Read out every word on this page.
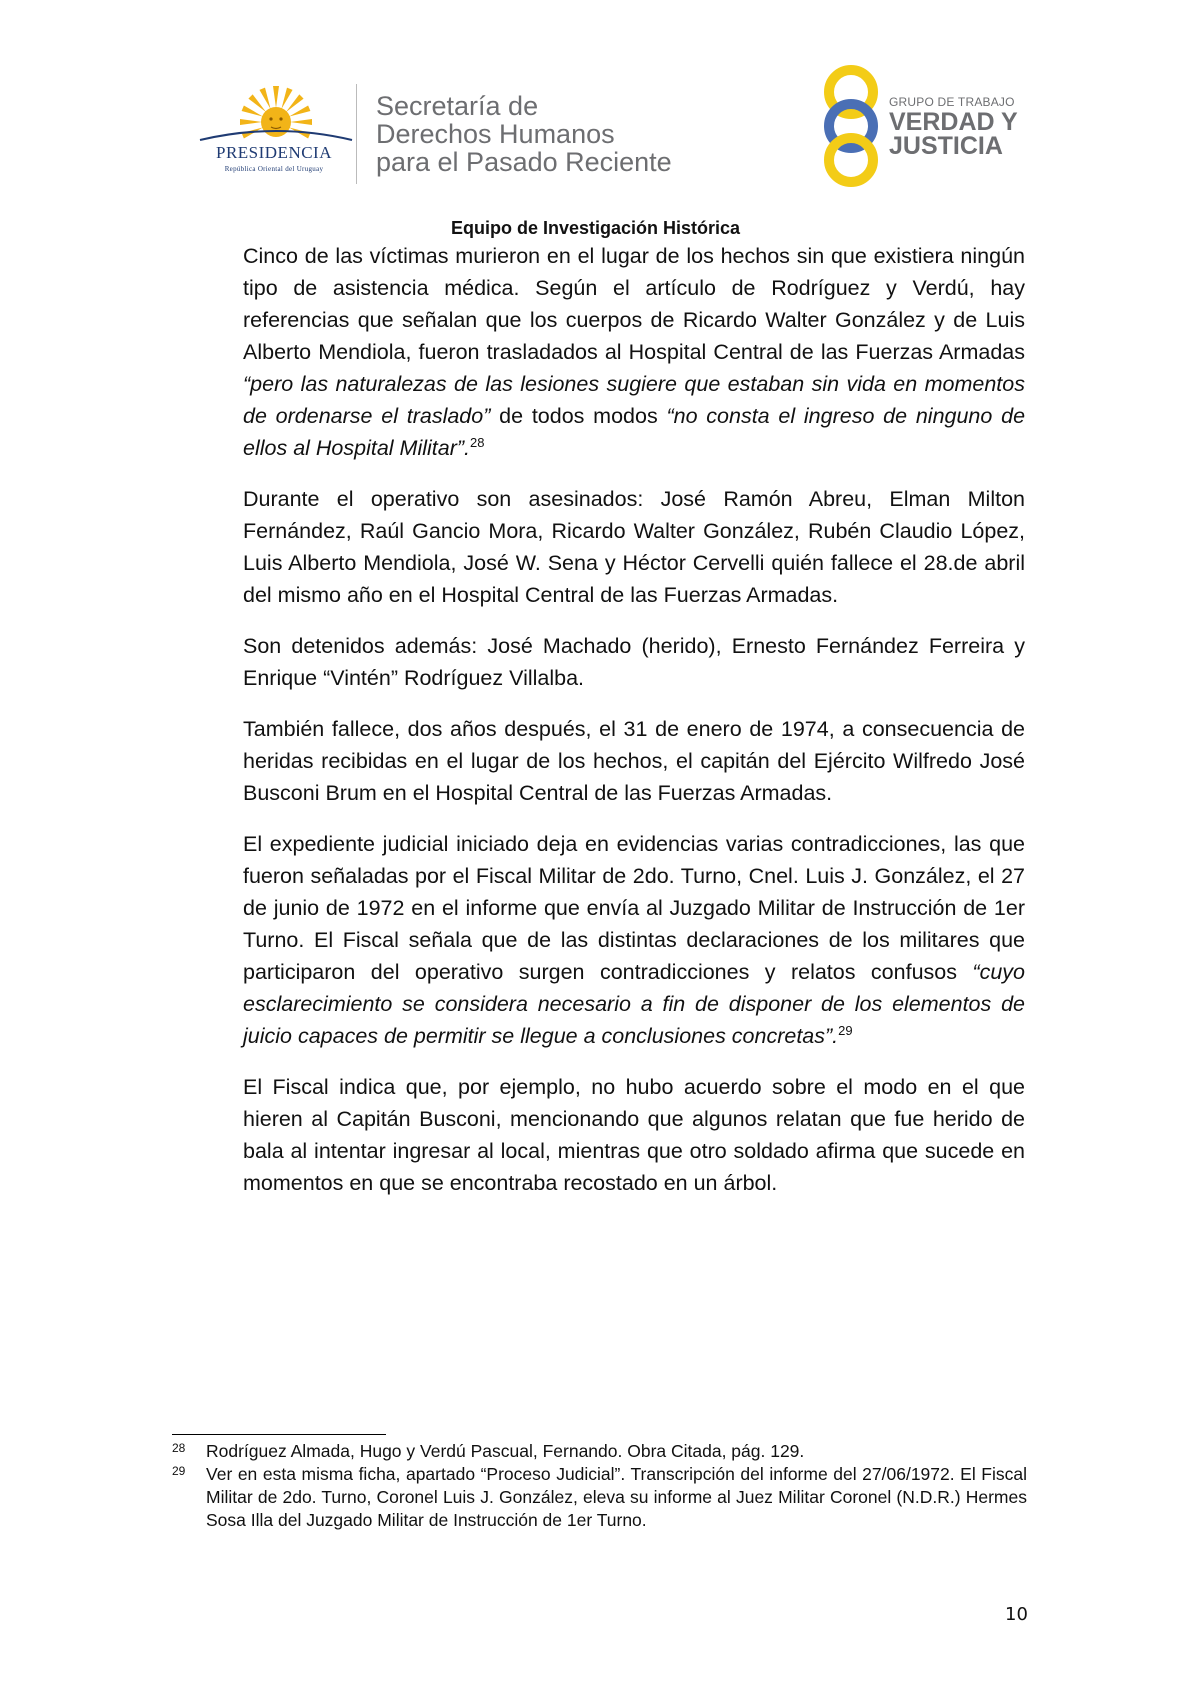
PRESIDENCIA
República Oriental del Uruguay
Secretaría de
Derechos Humanos
para el Pasado Reciente
GRUPO DE TRABAJO
VERDAD Y
JUSTICIA
Equipo de Investigación Histórica

Cinco de las víctimas murieron en el lugar de los hechos sin que existiera ningún tipo de asistencia médica. Según el artículo de Rodríguez y Verdú, hay referencias que señalan que los cuerpos de Ricardo Walter González y de Luis Alberto Mendiola, fueron trasladados al Hospital Central de las Fuerzas Armadas “pero las naturalezas de las lesiones sugiere que estaban sin vida en momentos de ordenarse el traslado” de todos modos “no consta el ingreso de ninguno de ellos al Hospital Militar”.$^{28}$

Durante el operativo son asesinados: José Ramón Abreu, Elman Milton Fernández, Raúl Gancio Mora, Ricardo Walter González, Rubén Claudio López, Luis Alberto Mendiola, José W. Sena y Héctor Cervelli quién fallece el 28.de abril del mismo año en el Hospital Central de las Fuerzas Armadas.

Son detenidos además: José Machado (herido), Ernesto Fernández Ferreira y Enrique “Vintén” Rodríguez Villalba.

También fallece, dos años después, el 31 de enero de 1974, a consecuencia de heridas recibidas en el lugar de los hechos, el capitán del Ejército Wilfredo José Busconi Brum en el Hospital Central de las Fuerzas Armadas.

El expediente judicial iniciado deja en evidencias varias contradicciones, las que fueron señaladas por el Fiscal Militar de 2do. Turno, Cnel. Luis J. González, el 27 de junio de 1972 en el informe que envía al Juzgado Militar de Instrucción de 1er Turno. El Fiscal señala que de las distintas declaraciones de los militares que participaron del operativo surgen contradicciones y relatos confusos “cuyo esclarecimiento se considera necesario a fin de disponer de los elementos de juicio capaces de permitir se llegue a conclusiones concretas”.$^{29}$

El Fiscal indica que, por ejemplo, no hubo acuerdo sobre el modo en el que hieren al Capitán Busconi, mencionando que algunos relatan que fue herido de bala al intentar ingresar al local, mientras que otro soldado afirma que sucede en momentos en que se encontraba recostado en un árbol.

28 Rodríguez Almada, Hugo y Verdú Pascual, Fernando. Obra Citada, pág. 129.
29 Ver en esta misma ficha, apartado “Proceso Judicial”. Transcripción del informe del 27/06/1972. El Fiscal Militar de 2do. Turno, Coronel Luis J. González, eleva su informe al Juez Militar Coronel (N.D.R.) Hermes Sosa Illa del Juzgado Militar de Instrucción de 1er Turno.
10
